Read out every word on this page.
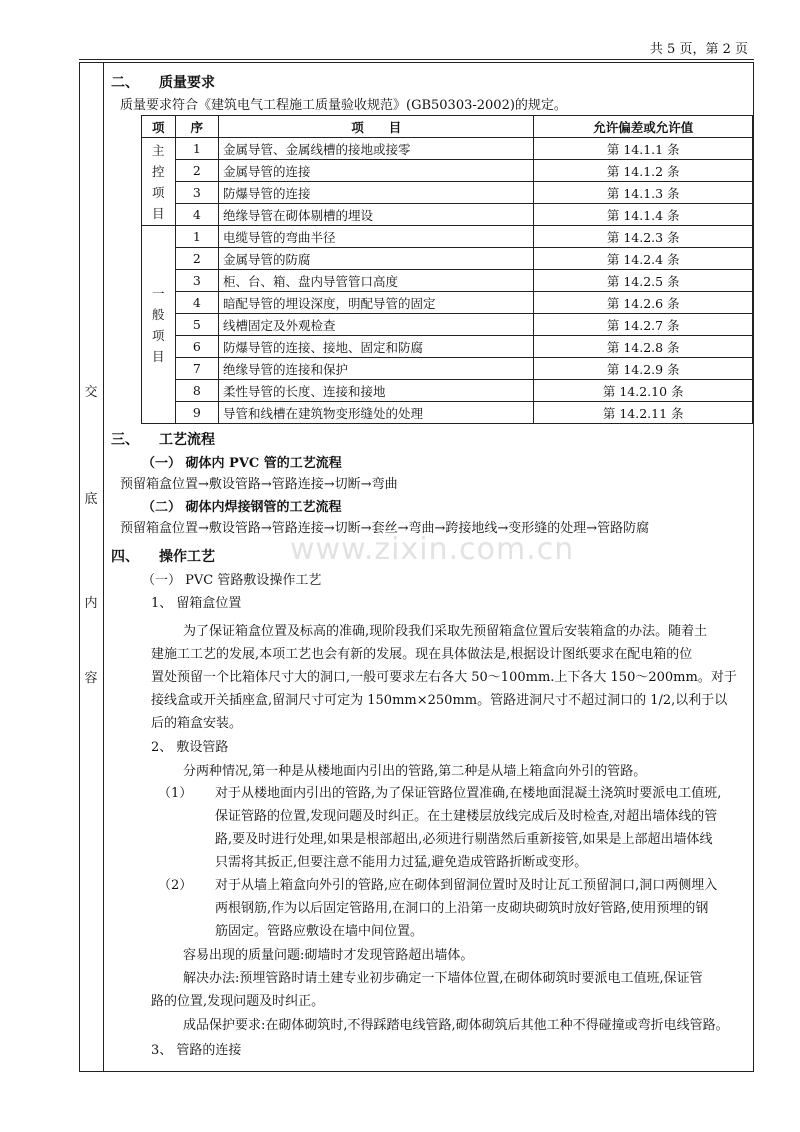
共 5 页，第 2 页
交
底
内
容
二、 质量要求
质量要求符合《建筑电气工程施工质量验收规范》(GB50303-2002)的规定。
项	序	项　　目	允许偏差或允许值

主
控
项
目	1	金属导管、金属线槽的接地或接零	第 14.1.1 条
	2	金属导管的连接	第 14.1.2 条
	3	防爆导管的连接	第 14.1.3 条
	4	绝缘导管在砌体剔槽的埋设	第 14.1.4 条

一
般
项
目	1	电缆导管的弯曲半径	第 14.2.3 条
	2	金属导管的防腐	第 14.2.4 条
	3	柜、台、箱、盘内导管管口高度	第 14.2.5 条
	4	暗配导管的埋设深度，明配导管的固定	第 14.2.6 条
	5	线槽固定及外观检查	第 14.2.7 条
	6	防爆导管的连接、接地、固定和防腐	第 14.2.8 条
	7	绝缘导管的连接和保护	第 14.2.9 条
	8	柔性导管的长度、连接和接地	第 14.2.10 条
	9	导管和线槽在建筑物变形缝处的处理	第 14.2.11 条
三、 工艺流程
（一） 砌体内 PVC 管的工艺流程
预留箱盒位置→敷设管路→管路连接→切断→弯曲
（二） 砌体内焊接钢管的工艺流程
预留箱盒位置→敷设管路→管路连接→切断→套丝→弯曲→跨接地线→变形缝的处理→管路防腐
四、 操作工艺
（一） PVC 管路敷设操作工艺
1、 留箱盒位置
为了保证箱盒位置及标高的准确,现阶段我们采取先预留箱盒位置后安装箱盒的办法。随着土
建施工工艺的发展,本项工艺也会有新的发展。现在具体做法是,根据设计图纸要求在配电箱的位
置处预留一个比箱体尺寸大的洞口,一般可要求左右各大 50～100mm.上下各大 150～200mm。对于
接线盒或开关插座盒,留洞尺寸可定为 150mm×250mm。管路进洞尺寸不超过洞口的 1/2,以利于以
后的箱盒安装。
2、 敷设管路
分两种情况,第一种是从楼地面内引出的管路,第二种是从墙上箱盒向外引的管路。
（1） 对于从楼地面内引出的管路,为了保证管路位置准确,在楼地面混凝土浇筑时要派电工值班,
保证管路的位置,发现问题及时纠正。在土建楼层放线完成后及时检查,对超出墙体线的管
路,要及时进行处理,如果是根部超出,必须进行剔凿然后重新接管,如果是上部超出墙体线
只需将其扳正,但要注意不能用力过猛,避免造成管路折断或变形。
（2） 对于从墙上箱盒向外引的管路,应在砌体到留洞位置时及时让瓦工预留洞口,洞口两侧埋入
两根钢筋,作为以后固定管路用,在洞口的上沿第一皮砌块砌筑时放好管路,使用预埋的钢
筋固定。管路应敷设在墙中间位置。
容易出现的质量问题:砌墙时才发现管路超出墙体。
解决办法:预埋管路时请土建专业初步确定一下墙体位置,在砌体砌筑时要派电工值班,保证管
路的位置,发现问题及时纠正。
成品保护要求:在砌体砌筑时,不得踩踏电线管路,砌体砌筑后其他工种不得碰撞或弯折电线管路。
3、 管路的连接
www.zixin.com.cn
